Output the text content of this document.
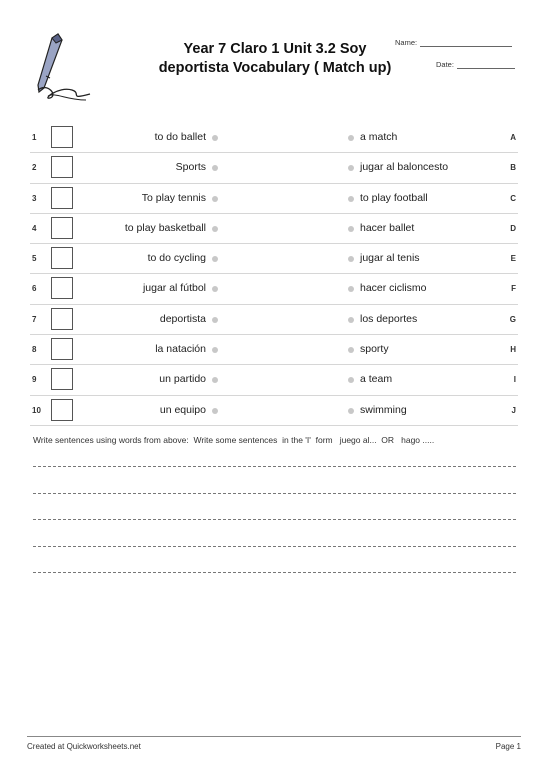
Year 7 Claro 1 Unit 3.2 Soy deportista Vocabulary ( Match up)
Name:
Date:
1	to do ballet	a match	A
2	Sports	jugar al baloncesto	B
3	To play tennis	to play football	C
4	to play basketball	hacer ballet	D
5	to do cycling	jugar al tenis	E
6	jugar al fútbol	hacer ciclismo	F
7	deportista	los deportes	G
8	la natación	sporty	H
9	un partido	a team	I
10	un equipo	swimming	J
Write sentences using words from above:  Write some sentences  in the 'I'  form   juego al...  OR   hago .....
Created at Quickworksheets.net	Page 1
